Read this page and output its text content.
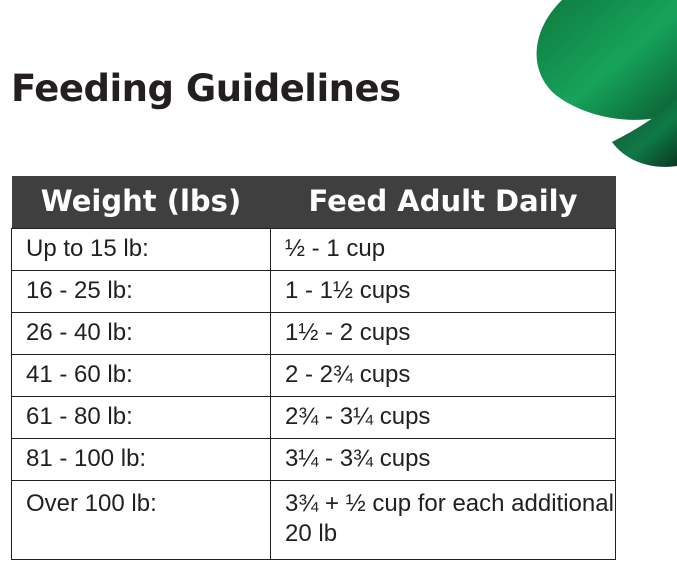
Feeding Guidelines
Weight (lbs)	Feed Adult Daily
Up to 15 lb:	½ - 1 cup
16 - 25 lb:	1 - 1½ cups
26 - 40 lb:	1½ - 2 cups
41 - 60 lb:	2 - 2¾ cups
61 - 80 lb:	2¾ - 3¼ cups
81 - 100 lb:	3¼ - 3¾ cups
Over 100 lb:	3¾ + ½ cup for each additional 20 lb
